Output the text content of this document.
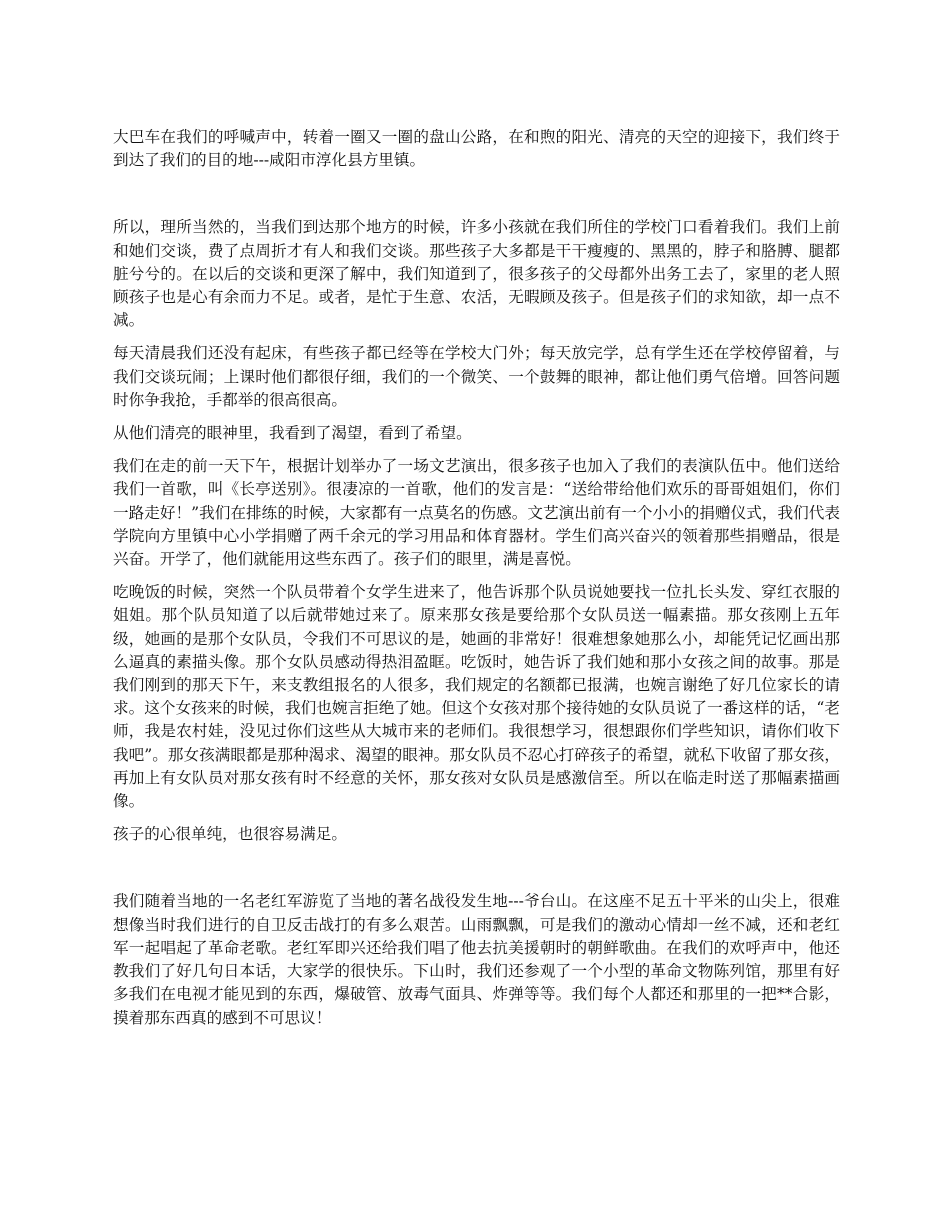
大巴车在我们的呼喊声中，转着一圈又一圈的盘山公路，在和煦的阳光、清亮的天空的迎接下，我们终于到达了我们的目的地---咸阳市淳化县方里镇。

所以，理所当然的，当我们到达那个地方的时候，许多小孩就在我们所住的学校门口看着我们。我们上前和她们交谈，费了点周折才有人和我们交谈。那些孩子大多都是干干瘦瘦的、黑黑的，脖子和胳膊、腿都脏兮兮的。在以后的交谈和更深了解中，我们知道到了，很多孩子的父母都外出务工去了，家里的老人照顾孩子也是心有余而力不足。或者，是忙于生意、农活，无暇顾及孩子。但是孩子们的求知欲，却一点不减。

每天清晨我们还没有起床，有些孩子都已经等在学校大门外；每天放完学，总有学生还在学校停留着，与我们交谈玩闹；上课时他们都很仔细，我们的一个微笑、一个鼓舞的眼神，都让他们勇气倍增。回答问题时你争我抢，手都举的很高很高。

从他们清亮的眼神里，我看到了渴望，看到了希望。

我们在走的前一天下午，根据计划举办了一场文艺演出，很多孩子也加入了我们的表演队伍中。他们送给我们一首歌，叫《长亭送别》。很凄凉的一首歌，他们的发言是：“送给带给他们欢乐的哥哥姐姐们，你们一路走好！”我们在排练的时候，大家都有一点莫名的伤感。文艺演出前有一个小小的捐赠仪式，我们代表学院向方里镇中心小学捐赠了两千余元的学习用品和体育器材。学生们高兴奋兴的领着那些捐赠品，很是兴奋。开学了，他们就能用这些东西了。孩子们的眼里，满是喜悦。

吃晚饭的时候，突然一个队员带着个女学生进来了，他告诉那个队员说她要找一位扎长头发、穿红衣服的姐姐。那个队员知道了以后就带她过来了。原来那女孩是要给那个女队员送一幅素描。那女孩刚上五年级，她画的是那个女队员，令我们不可思议的是，她画的非常好！很难想象她那么小，却能凭记忆画出那么逼真的素描头像。那个女队员感动得热泪盈眶。吃饭时，她告诉了我们她和那小女孩之间的故事。那是我们刚到的那天下午，来支教组报名的人很多，我们规定的名额都已报满，也婉言谢绝了好几位家长的请求。这个女孩来的时候，我们也婉言拒绝了她。但这个女孩对那个接待她的女队员说了一番这样的话，“老师，我是农村娃，没见过你们这些从大城市来的老师们。我很想学习，很想跟你们学些知识，请你们收下我吧”。那女孩满眼都是那种渴求、渴望的眼神。那女队员不忍心打碎孩子的希望，就私下收留了那女孩，再加上有女队员对那女孩有时不经意的关怀，那女孩对女队员是感激信至。所以在临走时送了那幅素描画像。

孩子的心很单纯，也很容易满足。

我们随着当地的一名老红军游览了当地的著名战役发生地---爷台山。在这座不足五十平米的山尖上，很难想像当时我们进行的自卫反击战打的有多么艰苦。山雨飘飘，可是我们的激动心情却一丝不减，还和老红军一起唱起了革命老歌。老红军即兴还给我们唱了他去抗美援朝时的朝鲜歌曲。在我们的欢呼声中，他还教我们了好几句日本话，大家学的很快乐。下山时，我们还参观了一个小型的革命文物陈列馆，那里有好多我们在电视才能见到的东西，爆破管、放毒气面具、炸弹等等。我们每个人都还和那里的一把**合影，摸着那东西真的感到不可思议！
